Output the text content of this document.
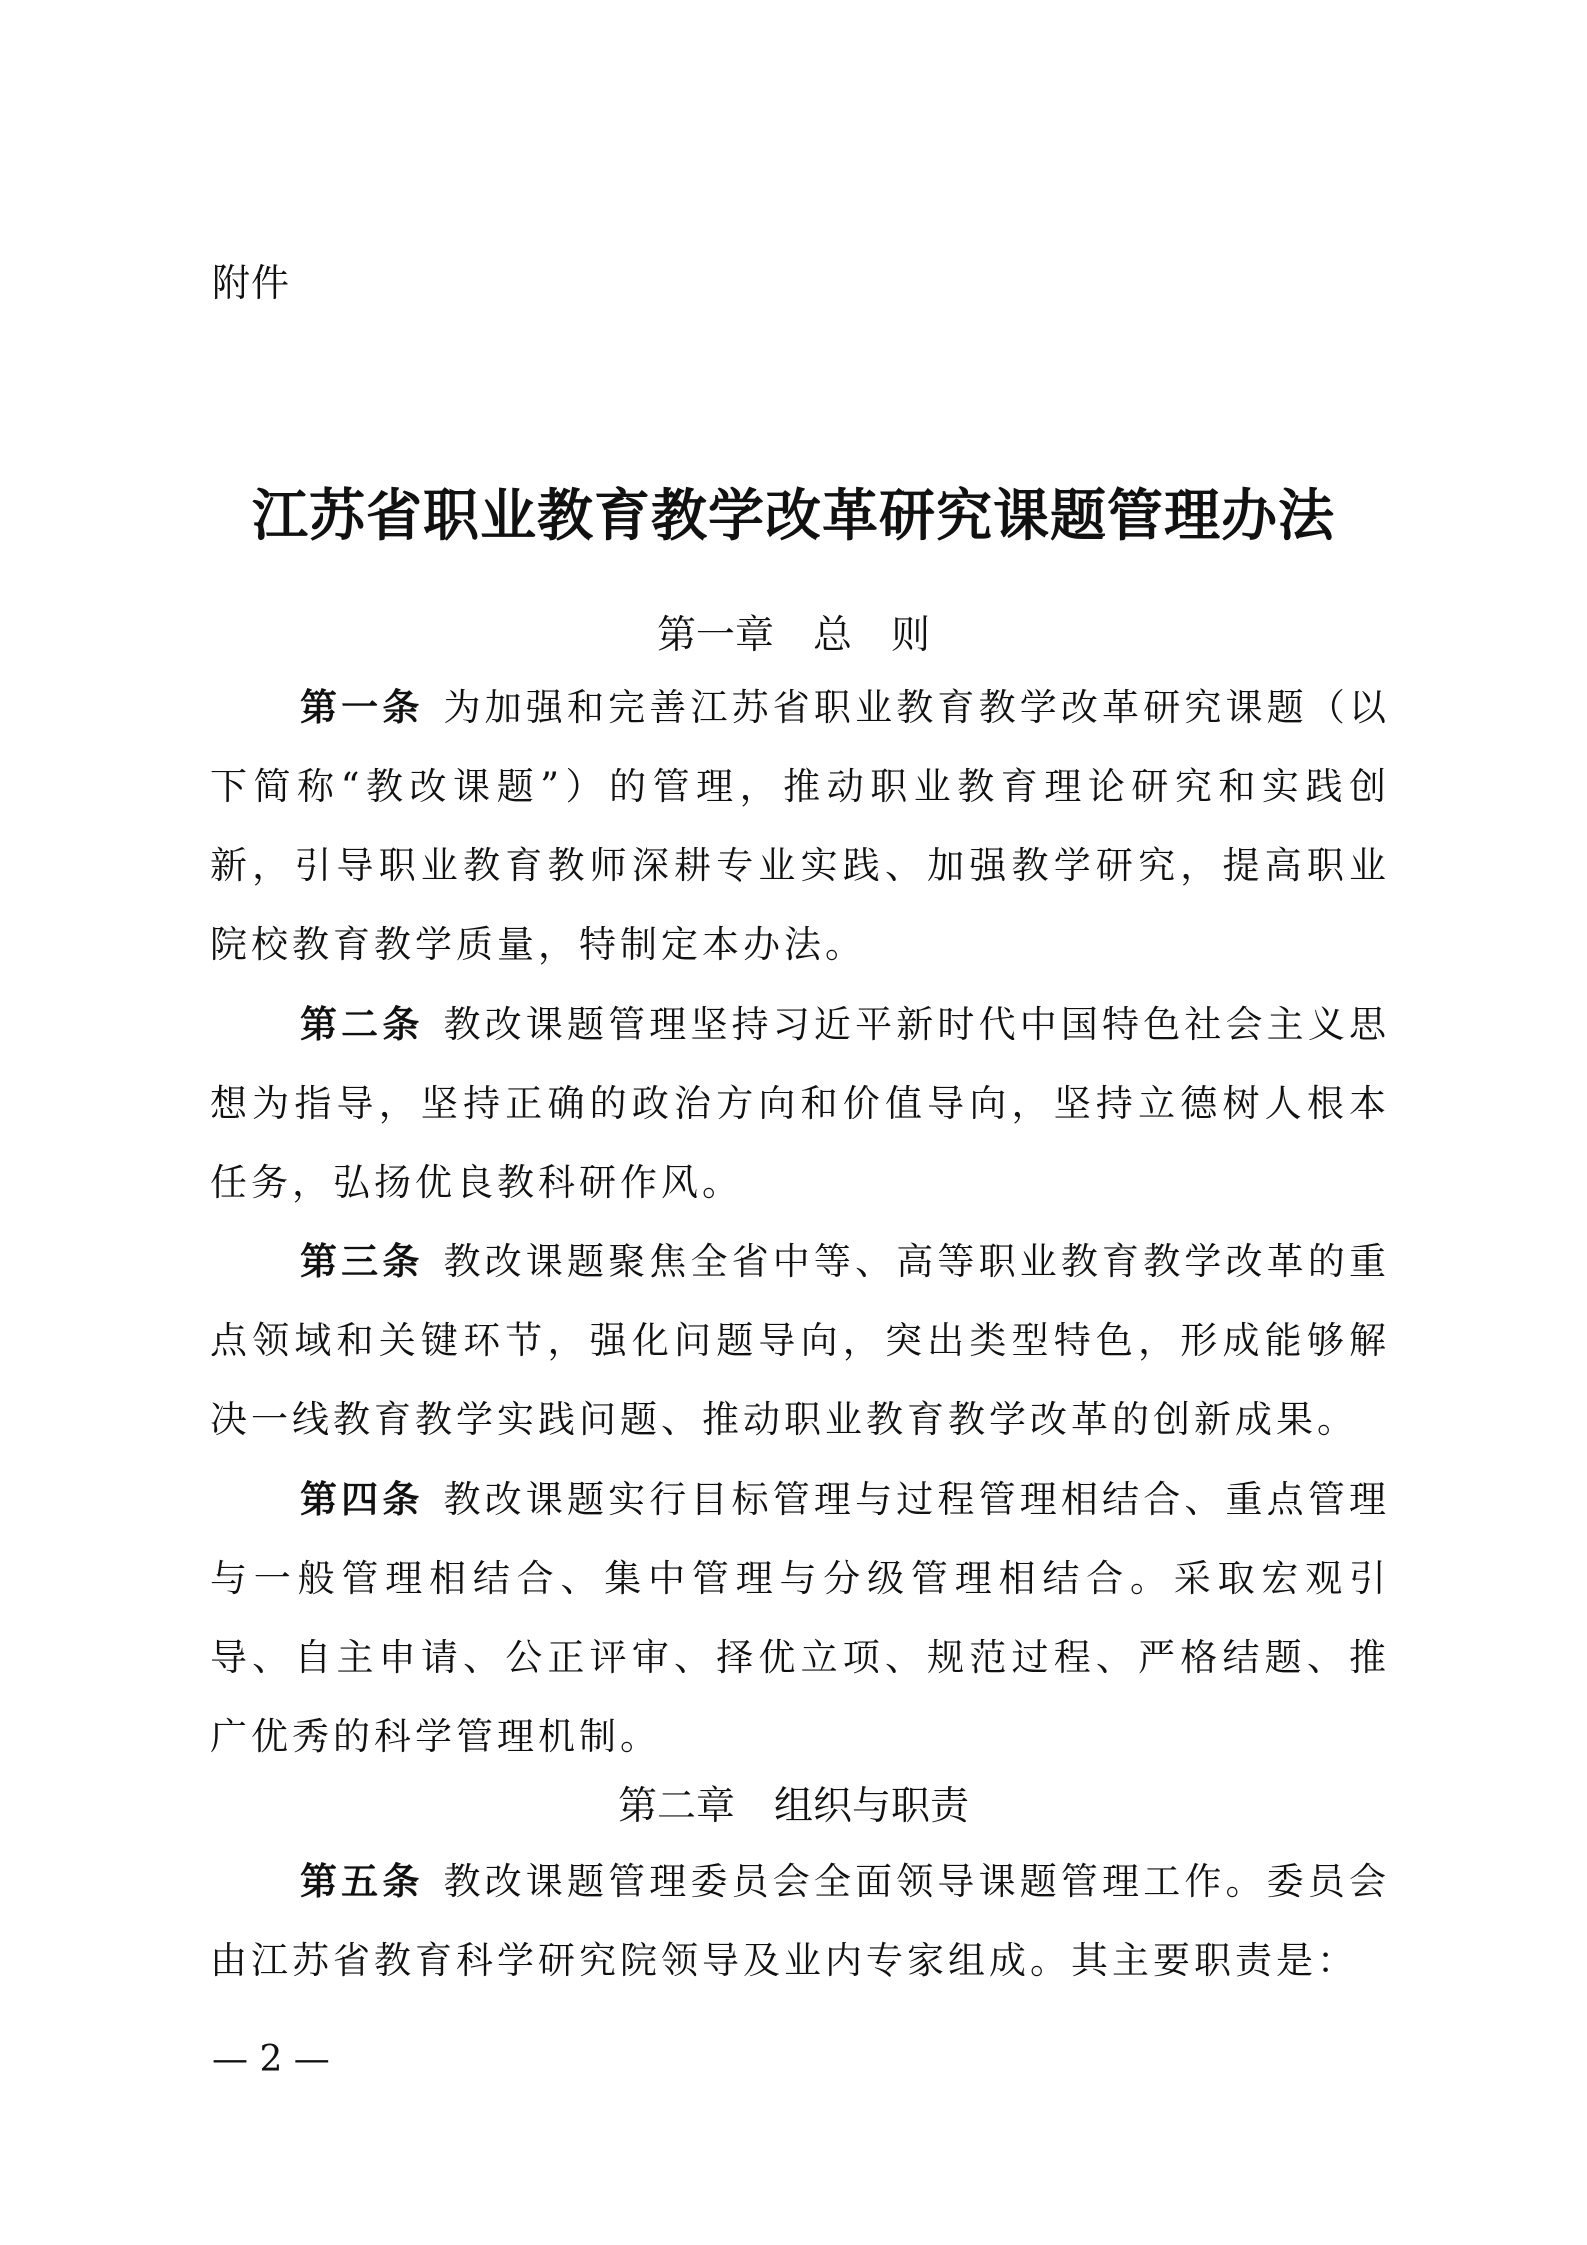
附件
江苏省职业教育教学改革研究课题管理办法
第一章　总　则

第一条 为加强和完善江苏省职业教育教学改革研究课题（以下简称“教改课题”）的管理，推动职业教育理论研究和实践创新，引导职业教育教师深耕专业实践、加强教学研究，提高职业院校教育教学质量，特制定本办法。

第二条 教改课题管理坚持习近平新时代中国特色社会主义思想为指导，坚持正确的政治方向和价值导向，坚持立德树人根本任务，弘扬优良教科研作风。

第三条 教改课题聚焦全省中等、高等职业教育教学改革的重点领域和关键环节，强化问题导向，突出类型特色，形成能够解决一线教育教学实践问题、推动职业教育教学改革的创新成果。

第四条 教改课题实行目标管理与过程管理相结合、重点管理与一般管理相结合、集中管理与分级管理相结合。采取宏观引导、自主申请、公正评审、择优立项、规范过程、严格结题、推广优秀的科学管理机制。

第二章　组织与职责

第五条 教改课题管理委员会全面领导课题管理工作。委员会由江苏省教育科学研究院领导及业内专家组成。其主要职责是：

— 2 —
